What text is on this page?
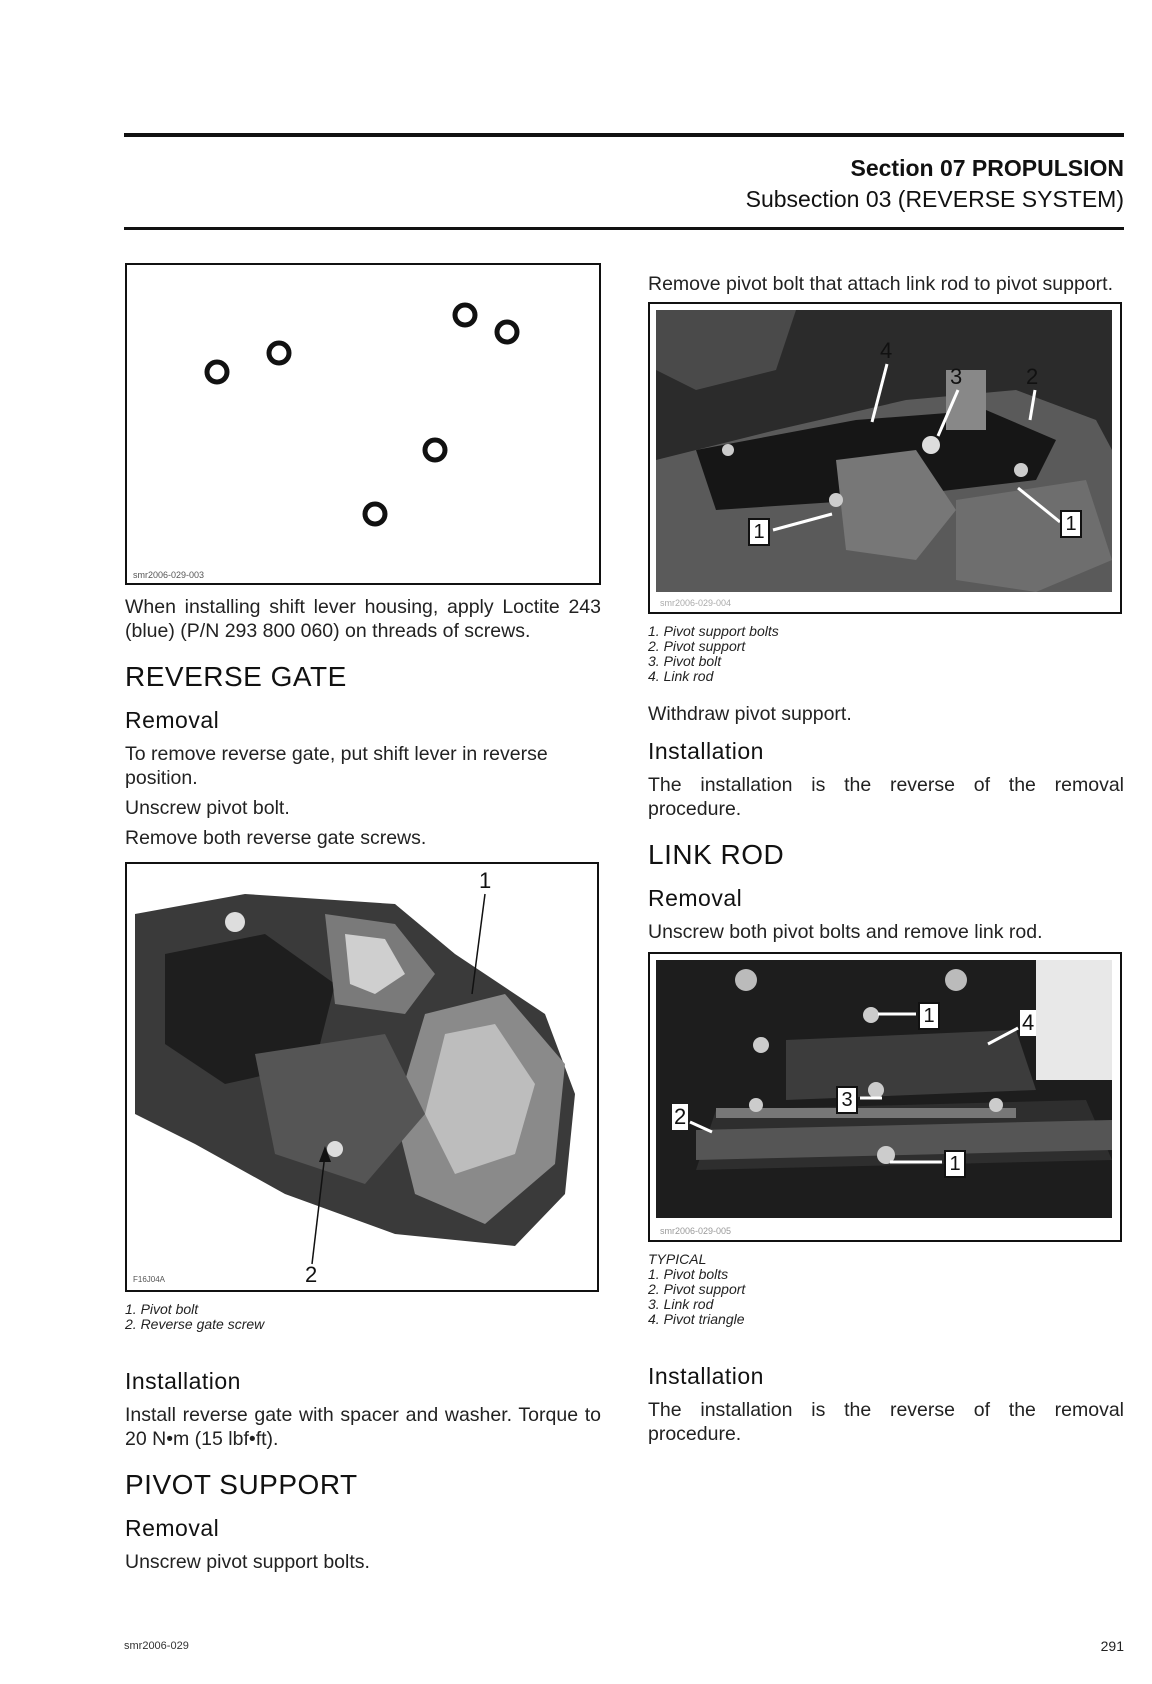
Section 07 PROPULSION
Subsection 03 (REVERSE SYSTEM)
smr2006-029-003

When installing shift lever housing, apply Loctite 243 (blue) (P/N 293 800 060) on threads of screws.

REVERSE GATE
Removal

To remove reverse gate, put shift lever in reverse position.

Unscrew pivot bolt.

Remove both reverse gate screws.

1
2
F16J04A
1. Pivot bolt
2. Reverse gate screw
Installation

Install reverse gate with spacer and washer. Torque to 20 N•m (15 lbf•ft).

PIVOT SUPPORT
Removal

Unscrew pivot support bolts.

Remove pivot bolt that attach link rod to pivot support.

4
3	2
1	1
smr2006-029-004
1. Pivot support bolts
2. Pivot support
3. Pivot bolt
4. Link rod

Withdraw pivot support.

Installation

The installation is the reverse of the removal procedure.

LINK ROD
Removal

Unscrew both pivot bolts and remove link rod.

1	4
2
3
1
smr2006-029-005
TYPICAL
1. Pivot bolts
2. Pivot support
3. Link rod
4. Pivot triangle
Installation

The installation is the reverse of the removal procedure.

smr2006-029	291
